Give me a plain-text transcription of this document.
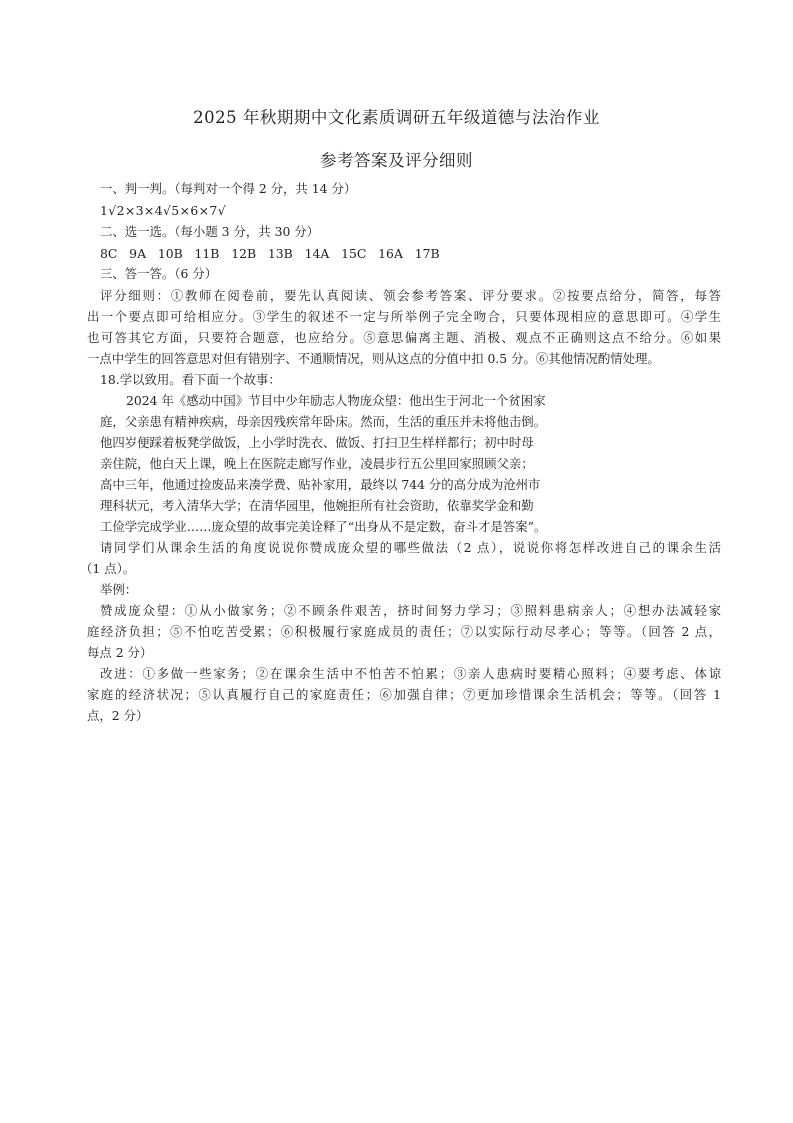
2025 年秋期期中文化素质调研五年级道德与法治作业
参考答案及评分细则
一、判一判。（每判对一个得 2 分，共 14 分）
1√2×3×4√5×6×7√
二、选一选。（每小题 3 分，共 30 分）
8C   9A   10B   11B   12B   13B   14A   15C   16A   17B
三、答一答。（6 分）
评分细则：①教师在阅卷前，要先认真阅读、领会参考答案、评分要求。②按要点给分，简答，每答
出一个要点即可给相应分。③学生的叙述不一定与所举例子完全吻合，只要体现相应的意思即可。④学生
也可答其它方面，只要符合题意，也应给分。⑤意思偏离主题、消极、观点不正确则这点不给分。⑥如果
一点中学生的回答意思对但有错别字、不通顺情况，则从这点的分值中扣 0.5 分。⑥其他情况酌情处理。
18.学以致用。看下面一个故事：
2024 年《感动中国》节目中少年励志人物庞众望：他出生于河北一个贫困家
庭，父亲患有精神疾病，母亲因残疾常年卧床。然而，生活的重压并未将他击倒。
他四岁便踩着板凳学做饭，上小学时洗衣、做饭、打扫卫生样样都行；初中时母
亲住院，他白天上课，晚上在医院走廊写作业，凌晨步行五公里回家照顾父亲；
高中三年，他通过捡废品来凑学费、贴补家用，最终以 744 分的高分成为沧州市
理科状元，考入清华大学；在清华园里，他婉拒所有社会资助，依靠奖学金和勤
工俭学完成学业……庞众望的故事完美诠释了“出身从不是定数，奋斗才是答案”。
请同学们从课余生活的角度说说你赞成庞众望的哪些做法（2 点），说说你将怎样改进自己的课余生活
（1 点）。
举例：
赞成庞众望：①从小做家务；②不顾条件艰苦，挤时间努力学习；③照料患病亲人；④想办法减轻家
庭经济负担；⑤不怕吃苦受累；⑥积极履行家庭成员的责任；⑦以实际行动尽孝心；等等。（回答 2 点，
每点 2 分）
改进：①多做一些家务；②在课余生活中不怕苦不怕累；③亲人患病时要精心照料；④要考虑、体谅
家庭的经济状况；⑤认真履行自己的家庭责任；⑥加强自律；⑦更加珍惜课余生活机会；等等。（回答 1
点，2 分）
